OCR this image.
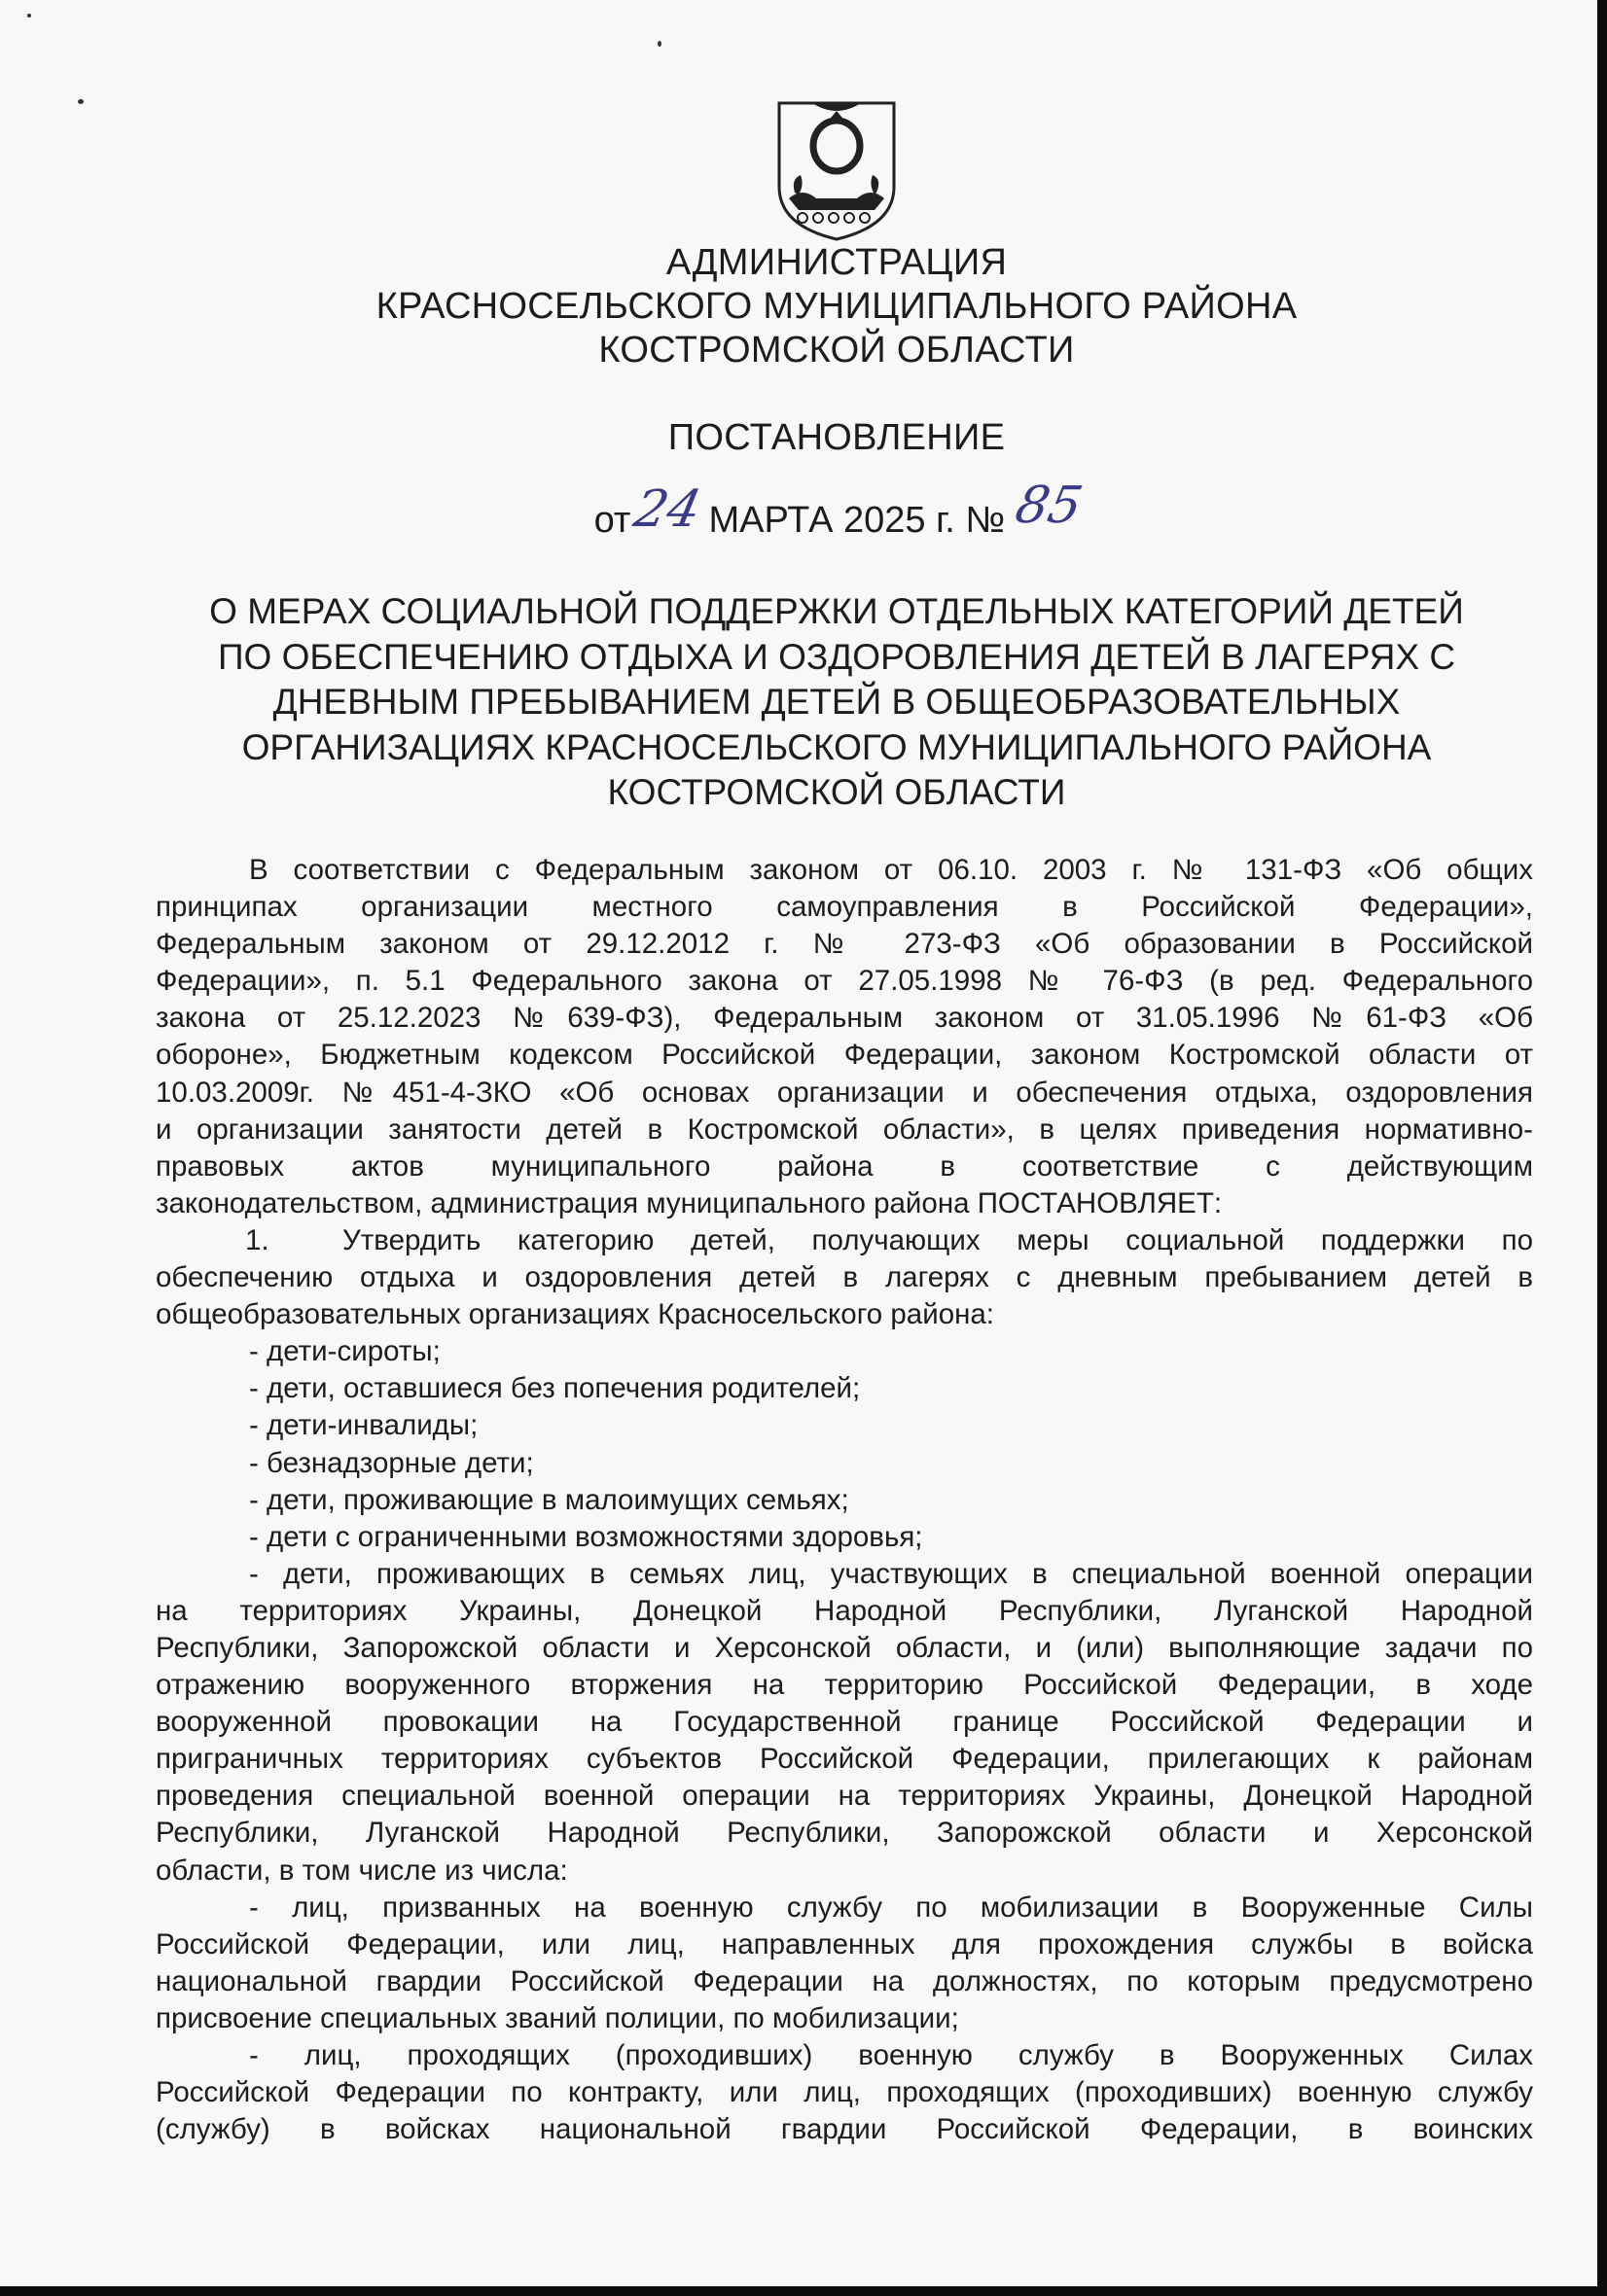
АДМИНИСТРАЦИЯ
КРАСНОСЕЛЬСКОГО МУНИЦИПАЛЬНОГО РАЙОНА
КОСТРОМСКОЙ ОБЛАСТИ
ПОСТАНОВЛЕНИЕ
от24МАРТА 2025 г. № 85
О МЕРАХ СОЦИАЛЬНОЙ ПОДДЕРЖКИ ОТДЕЛЬНЫХ КАТЕГОРИЙ ДЕТЕЙ
ПО ОБЕСПЕЧЕНИЮ ОТДЫХА И ОЗДОРОВЛЕНИЯ ДЕТЕЙ В ЛАГЕРЯХ С
ДНЕВНЫМ ПРЕБЫВАНИЕМ ДЕТЕЙ В ОБЩЕОБРАЗОВАТЕЛЬНЫХ
ОРГАНИЗАЦИЯХ КРАСНОСЕЛЬСКОГО МУНИЦИПАЛЬНОГО РАЙОНА
КОСТРОМСКОЙ ОБЛАСТИ
В соответствии с Федеральным законом от 06.10. 2003 г. № 131-ФЗ «Об общих
принципах организации местного самоуправления в Российской Федерации»,
Федеральным законом от 29.12.2012 г. № 273-ФЗ «Об образовании в Российской
Федерации», п. 5.1 Федерального закона от 27.05.1998 № 76-ФЗ (в ред. Федерального
закона от 25.12.2023 №639-ФЗ), Федеральным законом от 31.05.1996 №61-ФЗ «Об
обороне», Бюджетным кодексом Российской Федерации, законом Костромской области от
10.03.2009г. №451-4-ЗКО «Об основах организации и обеспечения отдыха, оздоровления
и организации занятости детей в Костромской области», в целях приведения нормативно-
правовых актов муниципального района в соответствие с действующим
законодательством, администрация муниципального района ПОСТАНОВЛЯЕТ:
1.	Утвердить категорию детей, получающих меры социальной поддержки по
обеспечению отдыха и оздоровления детей в лагерях с дневным пребыванием детей в
общеобразовательных организациях Красносельского района:
- дети-сироты;
- дети, оставшиеся без попечения родителей;
- дети-инвалиды;
- безнадзорные дети;
- дети, проживающие в малоимущих семьях;
- дети с ограниченными возможностями здоровья;
- дети, проживающих в семьях лиц, участвующих в специальной военной операции
на территориях Украины, Донецкой Народной Республики, Луганской Народной
Республики, Запорожской области и Херсонской области, и (или) выполняющие задачи по
отражению вооруженного вторжения на территорию Российской Федерации, в ходе
вооруженной провокации на Государственной границе Российской Федерации и
приграничных территориях субъектов Российской Федерации, прилегающих к районам
проведения специальной военной операции на территориях Украины, Донецкой Народной
Республики, Луганской Народной Республики, Запорожской области и Херсонской
области, в том числе из числа:
- лиц, призванных на военную службу по мобилизации в Вооруженные Силы
Российской Федерации, или лиц, направленных для прохождения службы в войска
национальной гвардии Российской Федерации на должностях, по которым предусмотрено
присвоение специальных званий полиции, по мобилизации;
- лиц, проходящих (проходивших) военную службу в Вооруженных Силах
Российской Федерации по контракту, или лиц, проходящих (проходивших) военную службу
(службу) в войсках национальной гвардии Российской Федерации, в воинских
